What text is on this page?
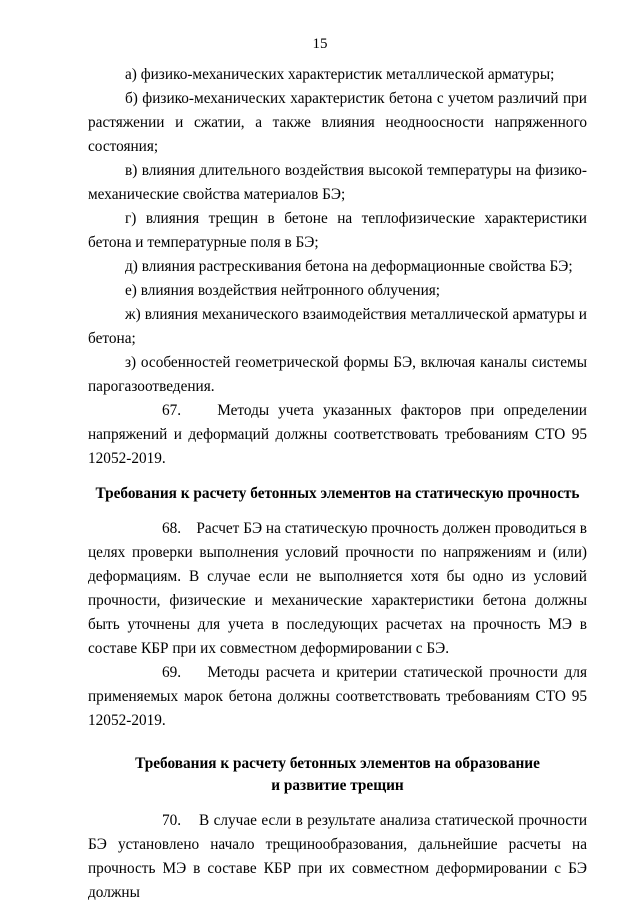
15

а) физико-механических характеристик металлической арматуры;

б) физико-механических характеристик бетона с учетом различий при растяжении и сжатии, а также влияния неодноосности напряженного состояния;

в) влияния длительного воздействия высокой температуры на физико-механические свойства материалов БЭ;

г) влияния трещин в бетоне на теплофизические характеристики бетона и температурные поля в БЭ;

д) влияния растрескивания бетона на деформационные свойства БЭ;

е) влияния воздействия нейтронного облучения;

ж) влияния механического взаимодействия металлической арматуры и бетона;

з) особенностей геометрической формы БЭ, включая каналы системы парогазоотведения.

67. Методы учета указанных факторов при определении напряжений и деформаций должны соответствовать требованиям СТО 95 12052-2019.

Требования к расчету бетонных элементов на статическую прочность

68. Расчет БЭ на статическую прочность должен проводиться в целях проверки выполнения условий прочности по напряжениям и (или) деформациям. В случае если не выполняется хотя бы одно из условий прочности, физические и механические характеристики бетона должны быть уточнены для учета в последующих расчетах на прочность МЭ в составе КБР при их совместном деформировании с БЭ.

69. Методы расчета и критерии статической прочности для применяемых марок бетона должны соответствовать требованиям СТО 95 12052-2019.

Требования к расчету бетонных элементов на образование
и развитие трещин

70. В случае если в результате анализа статической прочности БЭ установлено начало трещинообразования, дальнейшие расчеты на прочность МЭ в составе КБР при их совместном деформировании с БЭ должны
